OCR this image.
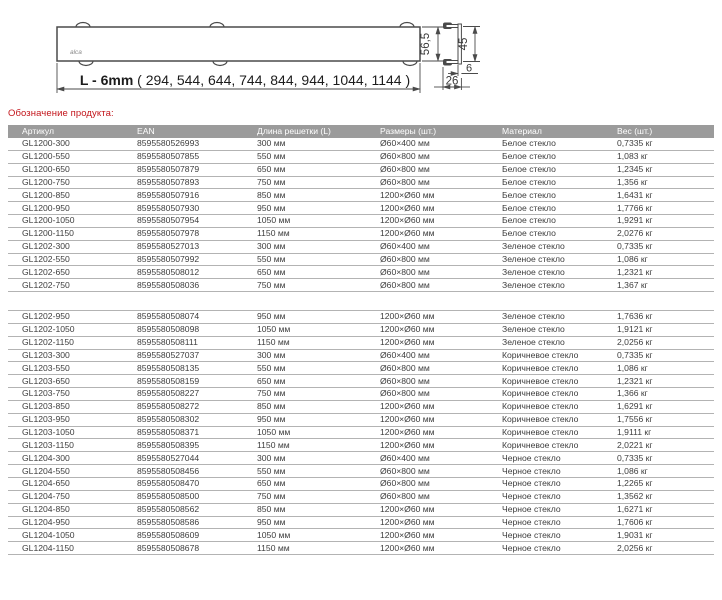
alca	56,5
L - 6mm ( 294, 544, 644, 744, 844, 944, 1044, 1144 )
45
6
26
Обозначение продукта:
Артикул	EAN	Длина решетки (L)	Размеры (шт.)	Материал	Вес (шт.)
GL1200-300	8595580526993	300 мм	Ø60×400 мм	Белое стекло	0,7335 кг
GL1200-550	8595580507855	550 мм	Ø60×800 мм	Белое стекло	1,083 кг
GL1200-650	8595580507879	650 мм	Ø60×800 мм	Белое стекло	1,2345 кг
GL1200-750	8595580507893	750 мм	Ø60×800 мм	Белое стекло	1,356 кг
GL1200-850	8595580507916	850 мм	1200×Ø60 мм	Белое стекло	1,6431 кг
GL1200-950	8595580507930	950 мм	1200×Ø60 мм	Белое стекло	1,7766 кг
GL1200-1050	8595580507954	1050 мм	1200×Ø60 мм	Белое стекло	1,9291 кг
GL1200-1150	8595580507978	1150 мм	1200×Ø60 мм	Белое стекло	2,0276 кг
GL1202-300	8595580527013	300 мм	Ø60×400 мм	Зеленое стекло	0,7335 кг
GL1202-550	8595580507992	550 мм	Ø60×800 мм	Зеленое стекло	1,086 кг
GL1202-650	8595580508012	650 мм	Ø60×800 мм	Зеленое стекло	1,2321 кг
GL1202-750	8595580508036	750 мм	Ø60×800 мм	Зеленое стекло	1,367 кг
GL1202-950	8595580508074	950 мм	1200×Ø60 мм	Зеленое стекло	1,7636 кг
GL1202-1050	8595580508098	1050 мм	1200×Ø60 мм	Зеленое стекло	1,9121 кг
GL1202-1150	8595580508111	1150 мм	1200×Ø60 мм	Зеленое стекло	2,0256 кг
GL1203-300	8595580527037	300 мм	Ø60×400 мм	Коричневое стекло	0,7335 кг
GL1203-550	8595580508135	550 мм	Ø60×800 мм	Коричневое стекло	1,086 кг
GL1203-650	8595580508159	650 мм	Ø60×800 мм	Коричневое стекло	1,2321 кг
GL1203-750	8595580508227	750 мм	Ø60×800 мм	Коричневое стекло	1,366 кг
GL1203-850	8595580508272	850 мм	1200×Ø60 мм	Коричневое стекло	1,6291 кг
GL1203-950	8595580508302	950 мм	1200×Ø60 мм	Коричневое стекло	1,7556 кг
GL1203-1050	8595580508371	1050 мм	1200×Ø60 мм	Коричневое стекло	1,9111 кг
GL1203-1150	8595580508395	1150 мм	1200×Ø60 мм	Коричневое стекло	2,0221 кг
GL1204-300	8595580527044	300 мм	Ø60×400 мм	Черное стекло	0,7335 кг
GL1204-550	8595580508456	550 мм	Ø60×800 мм	Черное стекло	1,086 кг
GL1204-650	8595580508470	650 мм	Ø60×800 мм	Черное стекло	1,2265 кг
GL1204-750	8595580508500	750 мм	Ø60×800 мм	Черное стекло	1,3562 кг
GL1204-850	8595580508562	850 мм	1200×Ø60 мм	Черное стекло	1,6271 кг
GL1204-950	8595580508586	950 мм	1200×Ø60 мм	Черное стекло	1,7606 кг
GL1204-1050	8595580508609	1050 мм	1200×Ø60 мм	Черное стекло	1,9031 кг
GL1204-1150	8595580508678	1150 мм	1200×Ø60 мм	Черное стекло	2,0256 кг
